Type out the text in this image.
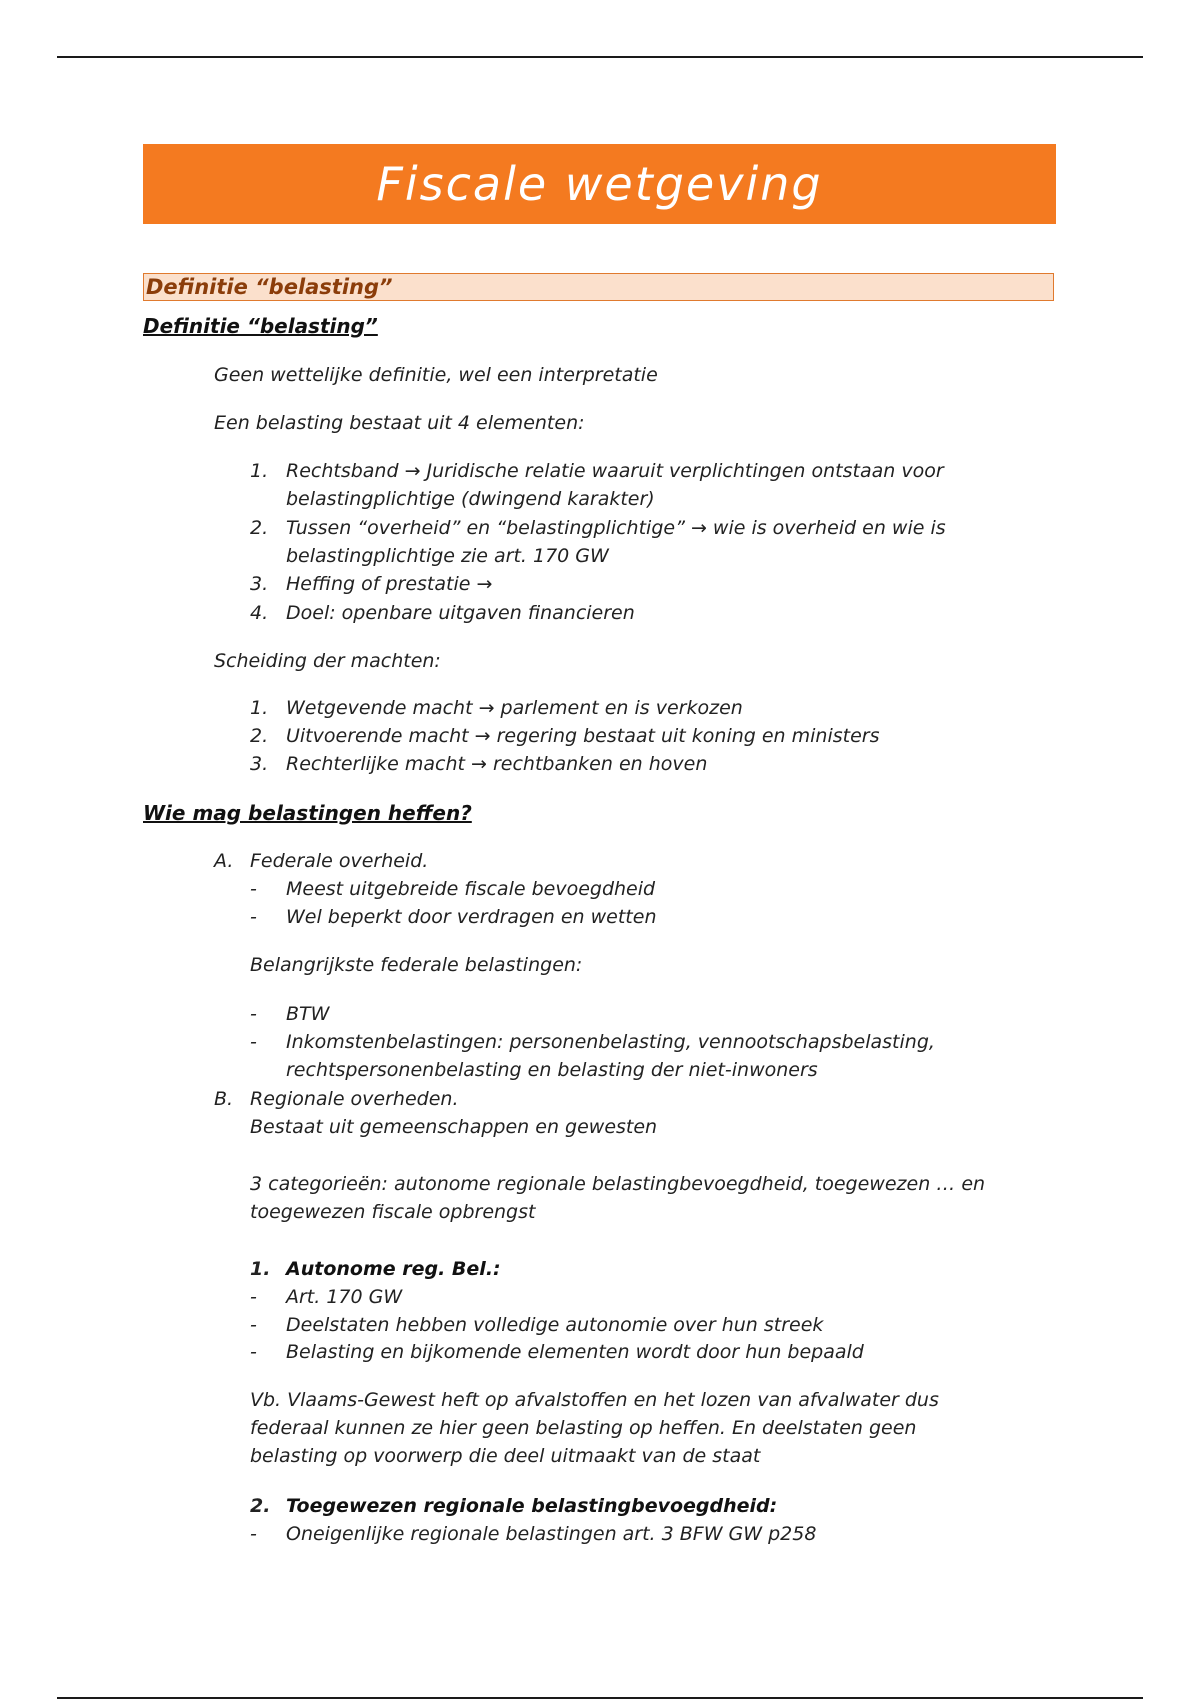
Fiscale wetgeving
Definitie “belasting”
Definitie “belasting”
Geen wettelijke definitie, wel een interpretatie
Een belasting bestaat uit 4 elementen:
1. Rechtsband → Juridische relatie waaruit verplichtingen ontstaan voor
belastingplichtige (dwingend karakter)
2. Tussen “overheid” en “belastingplichtige” → wie is overheid en wie is
belastingplichtige zie art. 170 GW
3. Heffing of prestatie →
4. Doel: openbare uitgaven financieren
Scheiding der machten:
1. Wetgevende macht → parlement en is verkozen
2. Uitvoerende macht → regering bestaat uit koning en ministers
3. Rechterlijke macht → rechtbanken en hoven
Wie mag belastingen heffen?
A. Federale overheid.
- Meest uitgebreide fiscale bevoegdheid
- Wel beperkt door verdragen en wetten
Belangrijkste federale belastingen:
- BTW
- Inkomstenbelastingen: personenbelasting, vennootschapsbelasting,
rechtspersonenbelasting en belasting der niet-inwoners
B. Regionale overheden.
Bestaat uit gemeenschappen en gewesten
3 categorieën: autonome regionale belastingbevoegdheid, toegewezen … en
toegewezen fiscale opbrengst
1. Autonome reg. Bel.:
- Art. 170 GW
- Deelstaten hebben volledige autonomie over hun streek
- Belasting en bijkomende elementen wordt door hun bepaald
Vb. Vlaams-Gewest heft op afvalstoffen en het lozen van afvalwater dus
federaal kunnen ze hier geen belasting op heffen. En deelstaten geen
belasting op voorwerp die deel uitmaakt van de staat
2. Toegewezen regionale belastingbevoegdheid:
- Oneigenlijke regionale belastingen art. 3 BFW GW p258
